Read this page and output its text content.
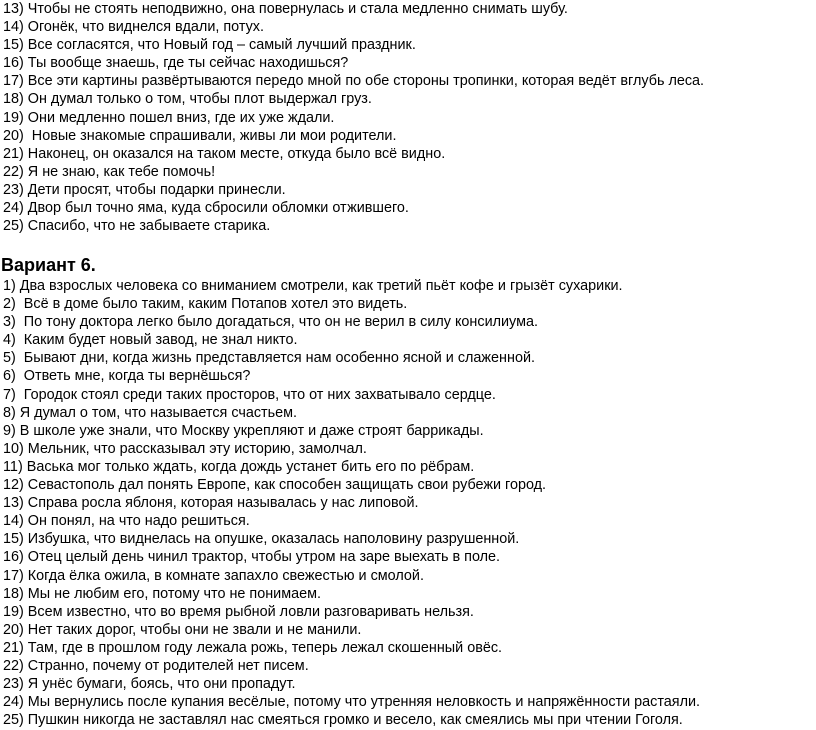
13) Чтобы не стоять неподвижно, она повернулась и стала медленно снимать шубу.
14) Огонёк, что виднелся вдали, потух.
15) Все согласятся, что Новый год – самый лучший праздник.
16) Ты вообще знаешь, где ты сейчас находишься?
17) Все эти картины развёртываются передо мной по обе стороны тропинки, которая ведёт вглубь леса.
18) Он думал только о том, чтобы плот выдержал груз.
19) Они медленно пошел вниз, где их уже ждали.
20)  Новые знакомые спрашивали, живы ли мои родители.
21) Наконец, он оказался на таком месте, откуда было всё видно.
22) Я не знаю, как тебе помочь!
23) Дети просят, чтобы подарки принесли.
24) Двор был точно яма, куда сбросили обломки отжившего.
25) Спасибо, что не забываете старика.
Вариант 6.
1) Два взрослых человека со вниманием смотрели, как третий пьёт кофе и грызёт сухарики.
2)  Всё в доме было таким, каким Потапов хотел это видеть.
3)  По тону доктора легко было догадаться, что он не верил в силу консилиума.
4)  Каким будет новый завод, не знал никто.
5)  Бывают дни, когда жизнь представляется нам особенно ясной и слаженной.
6)  Ответь мне, когда ты вернёшься?
7)  Городок стоял среди таких просторов, что от них захватывало сердце.
8) Я думал о том, что называется счастьем.
9) В школе уже знали, что Москву укрепляют и даже строят баррикады.
10) Мельник, что рассказывал эту историю, замолчал.
11) Васька мог только ждать, когда дождь устанет бить его по рёбрам.
12) Севастополь дал понять Европе, как способен защищать свои рубежи город.
13) Справа росла яблоня, которая называлась у нас липовой.
14) Он понял, на что надо решиться.
15) Избушка, что виднелась на опушке, оказалась наполовину разрушенной.
16) Отец целый день чинил трактор, чтобы утром на заре выехать в поле.
17) Когда ёлка ожила, в комнате запахло свежестью и смолой.
18) Мы не любим его, потому что не понимаем.
19) Всем известно, что во время рыбной ловли разговаривать нельзя.
20) Нет таких дорог, чтобы они не звали и не манили.
21) Там, где в прошлом году лежала рожь, теперь лежал скошенный овёс.
22) Странно, почему от родителей нет писем.
23) Я унёс бумаги, боясь, что они пропадут.
24) Мы вернулись после купания весёлые, потому что утренняя неловкость и напряжённости растаяли.
25) Пушкин никогда не заставлял нас смеяться громко и весело, как смеялись мы при чтении Гоголя.
